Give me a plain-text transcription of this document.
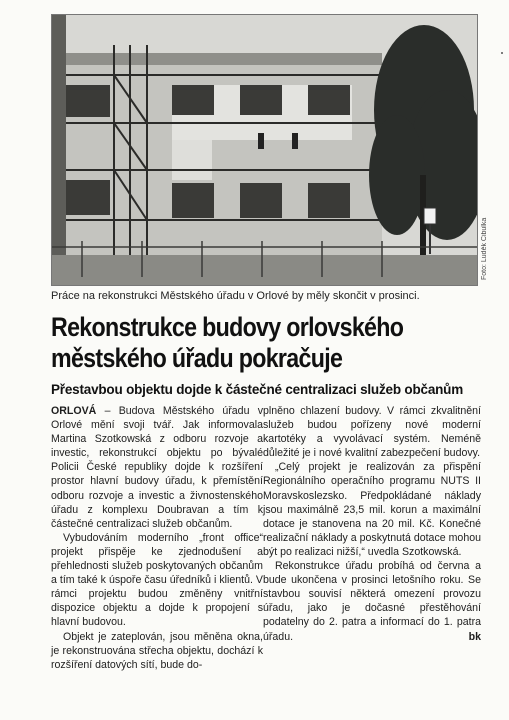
Foto: Luděk Cibulka
Práce na rekonstrukci Městského úřadu v Orlové by měly skončit v prosinci.
Rekonstrukce budovy orlovského
městského úřadu pokračuje
Přestavbou objektu dojde k částečné centralizaci služeb občanům

ORLOVÁ – Budova Městského úřadu v Orlové mění svoji tvář. Jak informovala Martina Szotkowská z odboru rozvoje a investic, rekonstrukcí objektu po bývalé Policii České republiky dojde k rozšíření prostor hlavní budovy úřadu, k přemístění odboru rozvoje a investic a živnostenského úřadu z komplexu Doubravan a tím k částečné centralizaci služeb občanům.

Vybudováním moderního „front office“ projekt přispěje ke zjednodušení a přehlednosti služeb poskytovaných občanům a tím také k úspoře času úředníků i klientů. V rámci projektu budou změněny vnitřní dispozice objektu a dojde k propojení s hlavní budovou.

Objekt je zateplován, jsou měněna okna, je rekonstruována střecha objektu, dochází k rozšíření datových sítí, bude do-

plněno chlazení budovy. V rámci zkvalitnění služeb budou pořízeny nové moderní kartotéky a vyvolávací systém. Neméně důležité je i nové kvalitní zabezpečení budovy.

„Celý projekt je realizován za přispění Regionálního operačního programu NUTS II Moravskoslezsko. Předpokládané náklady jsou maximálně 23,5 mil. korun a maximální dotace je stanovena na 20 mil. Kč. Konečné realizační náklady a poskytnutá dotace mohou být po realizaci nižší,“ uvedla Szotkowská.

Rekonstrukce úřadu probíhá od června a bude ukončena v prosinci letošního roku. Se stavbou souvisí některá omezení provozu úřadu, jako je dočasné přestěhování podatelny do 2. patra a informací do 1. patra úřadu.	bk
